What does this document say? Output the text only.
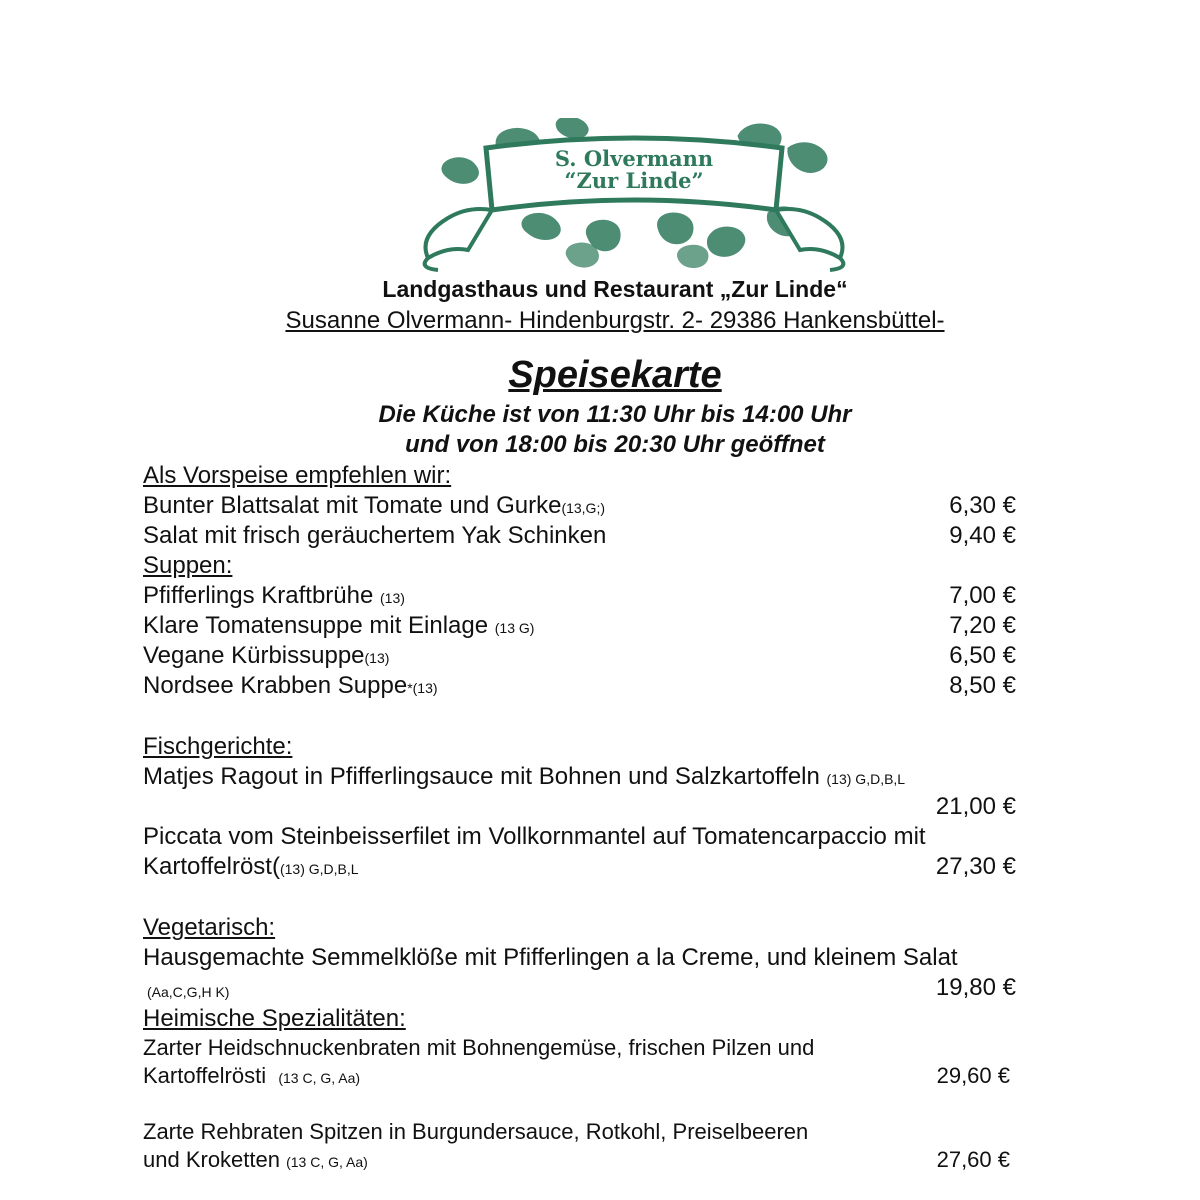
S. Olvermann
“Zur Linde”
Landgasthaus und Restaurant „Zur Linde“
Susanne Olvermann- Hindenburgstr. 2- 29386 Hankensbüttel-
Speisekarte
Die Küche ist von 11:30 Uhr bis 14:00 Uhr
und von 18:00 bis 20:30 Uhr geöffnet
Als Vorspeise empfehlen wir:
Bunter Blattsalat mit Tomate und Gurke(13,G;)	6,30 €
Salat mit frisch geräuchertem Yak Schinken	9,40 €
Suppen:
Pfifferlings Kraftbrühe (13)	7,00 €
Klare Tomatensuppe mit Einlage (13 G)	7,20 €
Vegane Kürbissuppe(13)	6,50 €
Nordsee Krabben Suppe*(13)	8,50 €
Fischgerichte:
Matjes Ragout in Pfifferlingsauce mit Bohnen und Salzkartoffeln (13) G,D,B,L
21,00 €
Piccata vom Steinbeisserfilet im Vollkornmantel auf Tomatencarpaccio mit
Kartoffelröst((13) G,D,B,L	27,30 €
Vegetarisch:
Hausgemachte Semmelklöße mit Pfifferlingen a la Creme, und kleinem Salat
(Aa,C,G,H K)	19,80 €
Heimische Spezialitäten:
Zarter Heidschnuckenbraten mit Bohnengemüse, frischen Pilzen und
Kartoffelrösti (13 C, G, Aa)	29,60 €
Zarte Rehbraten Spitzen in Burgundersauce, Rotkohl, Preiselbeeren
und Kroketten (13 C, G, Aa)	27,60 €
